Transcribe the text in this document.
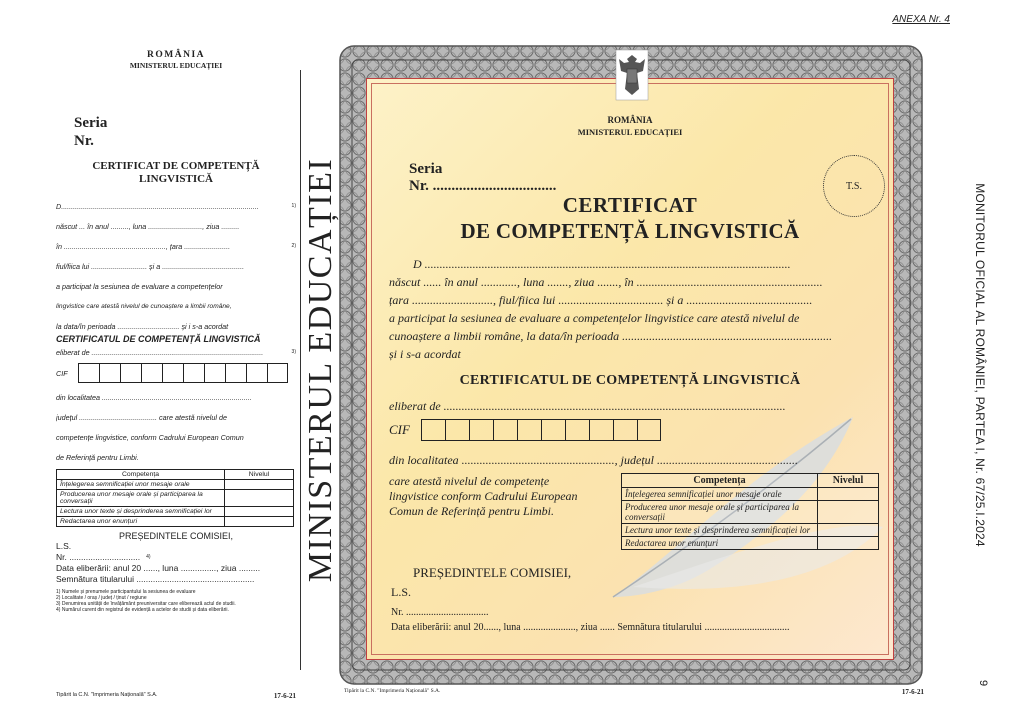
ANEXA Nr. 4
MONITORUL OFICIAL AL ROMÂNIEI, PARTEA I, Nr. 67/25.I.2024
9
ROMÂNIA
MINISTERUL EDUCAȚIEI
Seria
Nr.
CERTIFICAT DE COMPETENȚĂ
LINGVISTICĂ
D...................................................................................................	1)
născut ... în anul ........., luna ..........................., ziua .........
în ..................................................., țara .......................	2)
fiul/fiica lui ............................ și a .........................................
a participat la sesiunea de evaluare a competențelor
lingvistice care atestă nivelul de cunoaștere a limbii române,
la data/în perioada ............................... și i s-a acordat
CERTIFICATUL DE COMPETENȚĂ LINGVISTICĂ
eliberat de ......................................................................................	3)
CIF
din localitatea ...........................................................................
județul ....................................... care atestă nivelul de
competențe lingvistice, conform Cadrului European Comun
de Referință pentru Limbi.
Competența	Nivelul
Înțelegerea semnificației unor mesaje orale	
Producerea unor mesaje orale și participarea la conversații	
Lectura unor texte și desprinderea semnificației lor	
Redactarea unor enunțuri	
PREȘEDINTELE COMISIEI,
L.S.
Nr. .............................. 4)
Data eliberării: anul 20 ......, luna ..............., ziua .........
Semnătura titularului ..................................................
1) Numele și prenumele participantului la sesiunea de evaluare
2) Localitate / oraș / județ / ținut / regiune
3) Denumirea unității de învățământ preuniversitar care eliberează actul de studii.
4) Numărul curent din registrul de evidență a actelor de studii și data eliberării.
Tipărit la C.N. "Imprimeria Națională" S.A.	17-6-21
MINISTERUL EDUCAȚIEI
ROMÂNIA
MINISTERUL EDUCAȚIEI
T.S.
Seria
Nr. .................................
CERTIFICAT
DE COMPETENȚĂ LINGVISTICĂ
D ..........................................................................................................................
născut ...... în anul ............, luna ......., ziua ......., în ..............................................................
țara ..........................., fiul/fiica lui ................................... și a ..........................................
a participat la sesiunea de evaluare a competențelor lingvistice care atestă nivelul de
cunoaștere a limbii române, la data/în perioada ......................................................................
și i s-a acordat
CERTIFICATUL DE COMPETENȚĂ LINGVISTICĂ
eliberat de ..................................................................................................................
CIF
din localitatea ..................................................., județul ...............................................
care atestă nivelul de competențe lingvistice conform Cadrului European Comun de Referință pentru Limbi.
Competența	Nivelul
Înțelegerea semnificației unor mesaje orale	
Producerea unor mesaje orale și participarea la conversații	
Lectura unor texte și desprinderea semnificației lor	
Redactarea unor enunțuri	
PREȘEDINTELE COMISIEI,
L.S.
Nr. .................................
Data eliberării: anul 20......, luna ....................., ziua ...... Semnătura titularului ..................................
Tipărit la C.N. "Imprimeria Națională" S.A.	17-6-21
